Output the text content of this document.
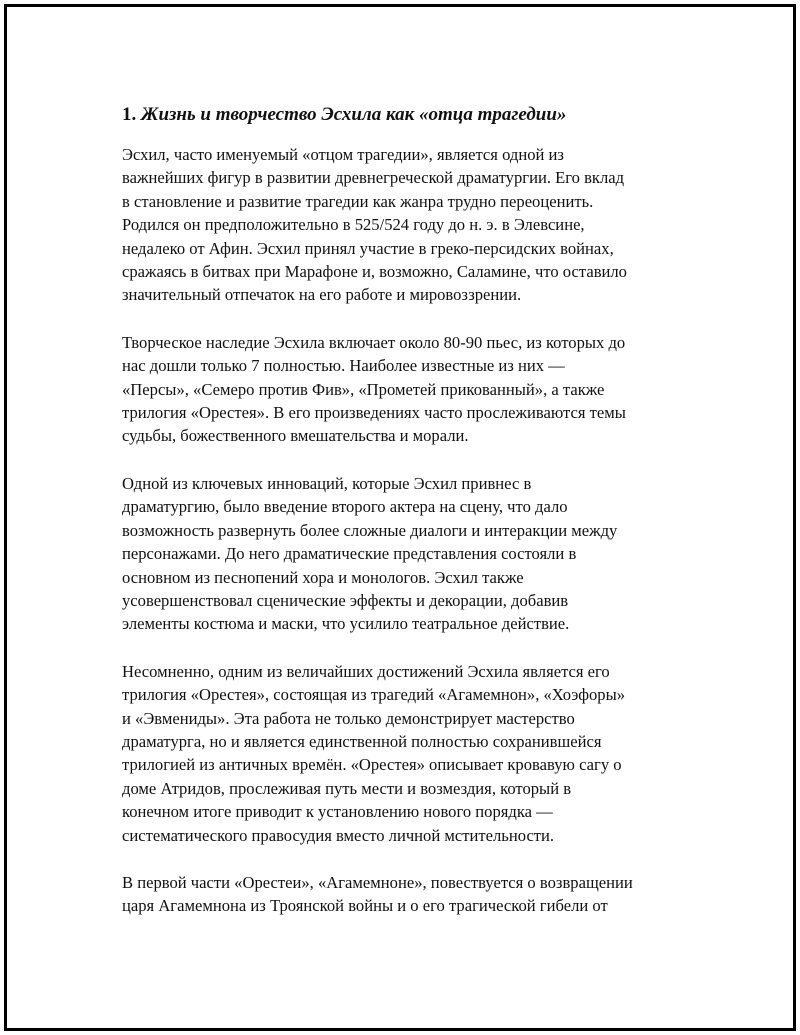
1. Жизнь и творчество Эсхила как «отца трагедии»

Эсхил, часто именуемый «отцом трагедии», является одной из
важнейших фигур в развитии древнегреческой драматургии. Его вклад
в становление и развитие трагедии как жанра трудно переоценить.
Родился он предположительно в 525/524 году до н. э. в Элевсине,
недалеко от Афин. Эсхил принял участие в греко-персидских войнах,
сражаясь в битвах при Марафоне и, возможно, Саламине, что оставило
значительный отпечаток на его работе и мировоззрении.

Творческое наследие Эсхила включает около 80-90 пьес, из которых до
нас дошли только 7 полностью. Наиболее известные из них —
«Персы», «Семеро против Фив», «Прометей прикованный», а также
трилогия «Орестея». В его произведениях часто прослеживаются темы
судьбы, божественного вмешательства и морали.

Одной из ключевых инноваций, которые Эсхил привнес в
драматургию, было введение второго актера на сцену, что дало
возможность развернуть более сложные диалоги и интеракции между
персонажами. До него драматические представления состояли в
основном из песнопений хора и монологов. Эсхил также
усовершенствовал сценические эффекты и декорации, добавив
элементы костюма и маски, что усилило театральное действие.

Несомненно, одним из величайших достижений Эсхила является его
трилогия «Орестея», состоящая из трагедий «Агамемнон», «Хоэфоры»
и «Эвмениды». Эта работа не только демонстрирует мастерство
драматурга, но и является единственной полностью сохранившейся
трилогией из античных времён. «Орестея» описывает кровавую сагу о
доме Атридов, прослеживая путь мести и возмездия, который в
конечном итоге приводит к установлению нового порядка —
систематического правосудия вместо личной мстительности.

В первой части «Орестеи», «Агамемноне», повествуется о возвращении
царя Агамемнона из Троянской войны и о его трагической гибели от
